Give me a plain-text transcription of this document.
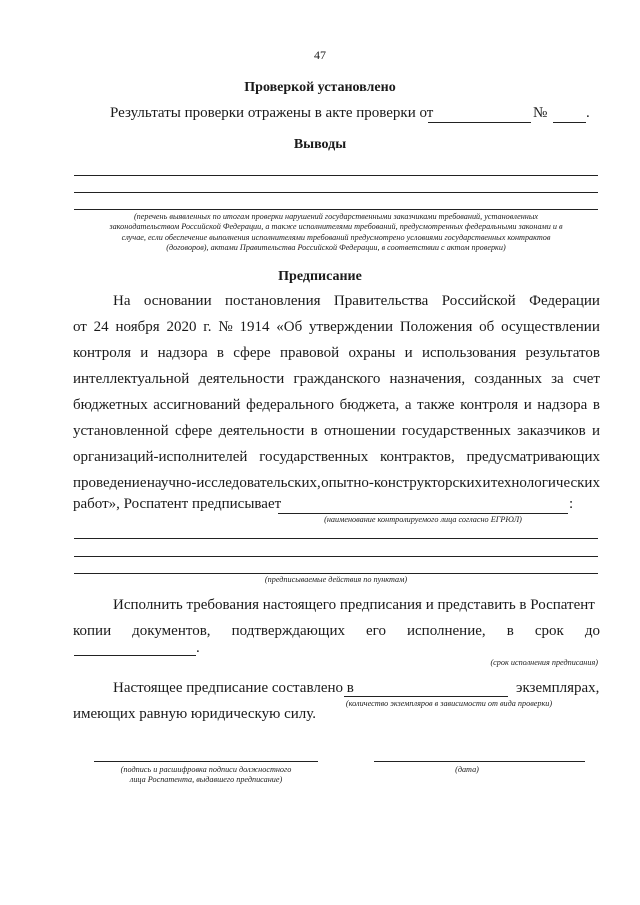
47
Проверкой установлено
Результаты проверки отражены в акте проверки от	№	.
Выводы
(перечень выявленных по итогам проверки нарушений государственными заказчиками требований, установленных
законодательством Российской Федерации, а также исполнителями требований, предусмотренных федеральными законами и в
случае, если обеспечение выполнения исполнителями требований предусмотрено условиями государственных контрактов
(договоров), актами Правительства Российской Федерации, в соответствии с актом проверки)
Предписание
На основании постановления Правительства Российской Федерации
от 24 ноября 2020 г. № 1914 «Об утверждении Положения об осуществлении
контроля и надзора в сфере правовой охраны и использования результатов
интеллектуальной деятельности гражданского назначения, созданных за счет
бюджетных ассигнований федерального бюджета, а также контроля и надзора в
установленной сфере деятельности в отношении государственных заказчиков и
организаций-исполнителей государственных контрактов, предусматривающих
проведение научно-исследовательских, опытно-конструкторских и технологических
работ», Роспатент предписывает	:
(наименование контролируемого лица согласно ЕГРЮЛ)
(предписываемые действия по пунктам)
Исполнить требования настоящего предписания и представить в Роспатент
копии документов, подтверждающих его исполнение, в срок до
.
(срок исполнения предписания)
Настоящее предписание составлено в	экземплярах,
(количество экземпляров в зависимости от вида проверки)
имеющих равную юридическую силу.
(подпись и расшифровка подписи должностного
лица Роспатента, выдавшего предписание)
(дата)
